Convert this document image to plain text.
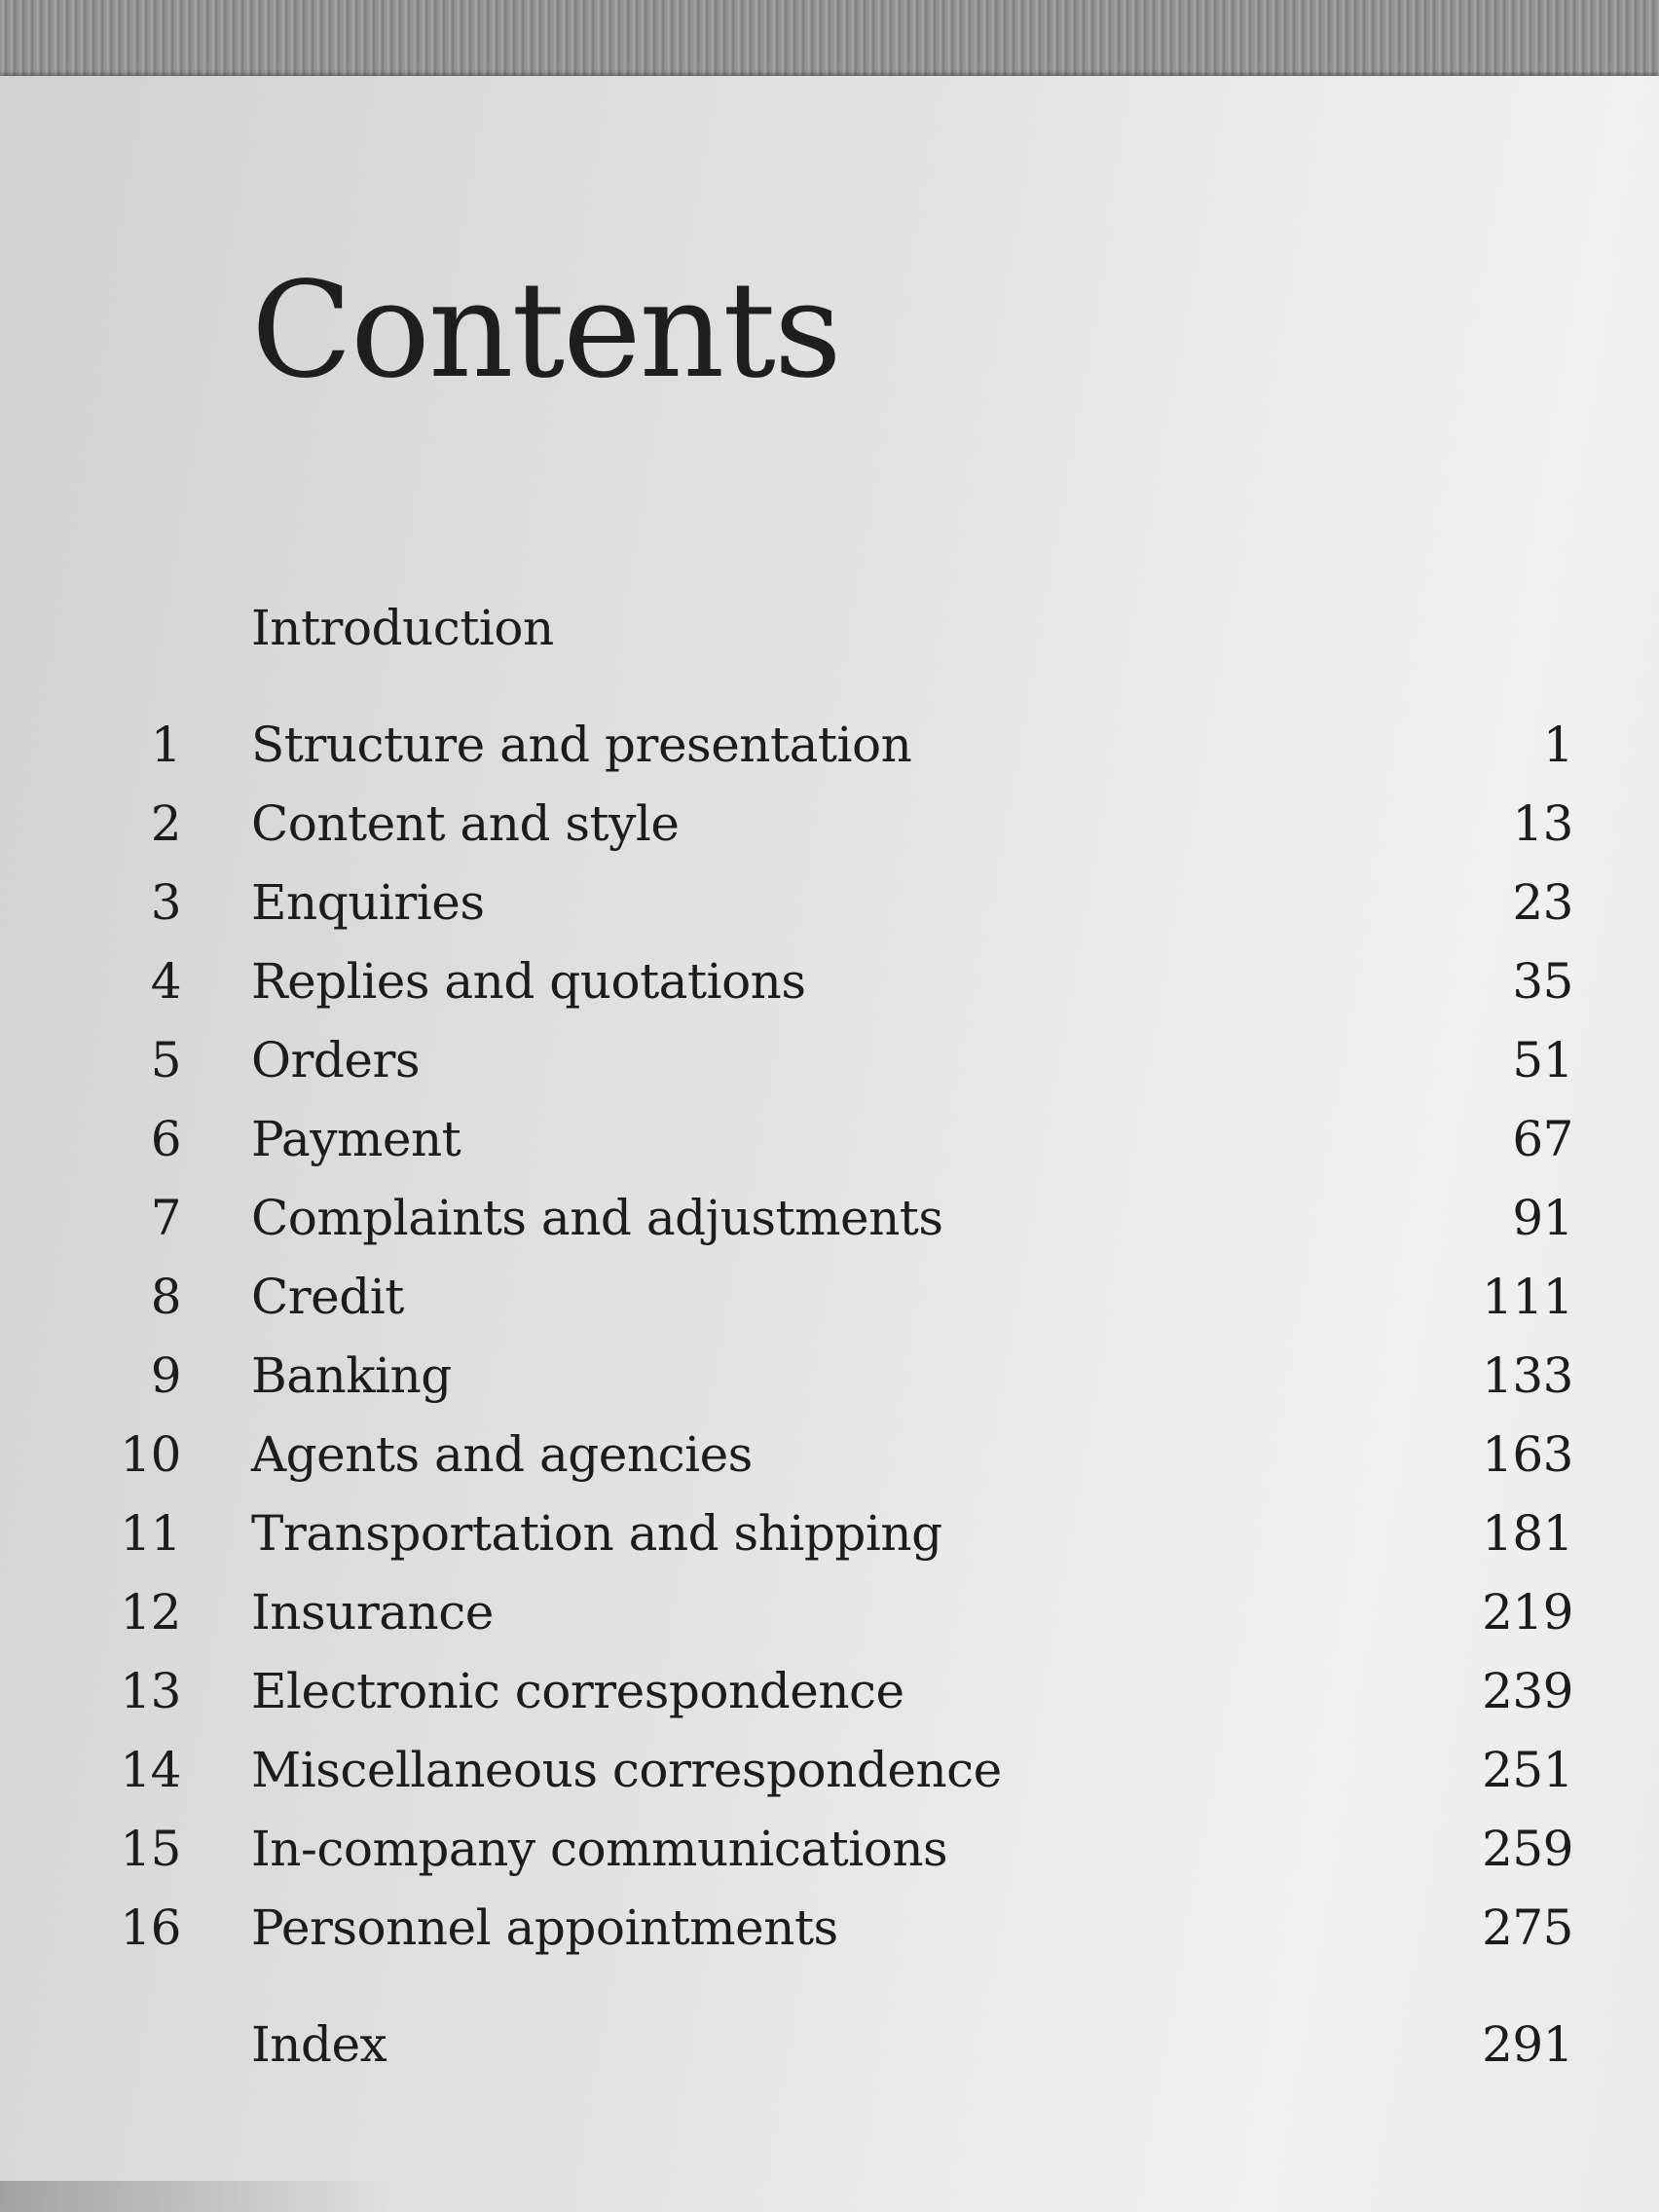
Contents
Introduction
1 Structure and presentation	1
2 Content and style	13
3 Enquiries	23
4 Replies and quotations	35
5 Orders	51
6 Payment	67
7 Complaints and adjustments	91
8 Credit	111
9 Banking	133
10 Agents and agencies	163
11 Transportation and shipping	181
12 Insurance	219
13 Electronic correspondence	239
14 Miscellaneous correspondence	251
15 In-company communications	259
16 Personnel appointments	275
Index	291
